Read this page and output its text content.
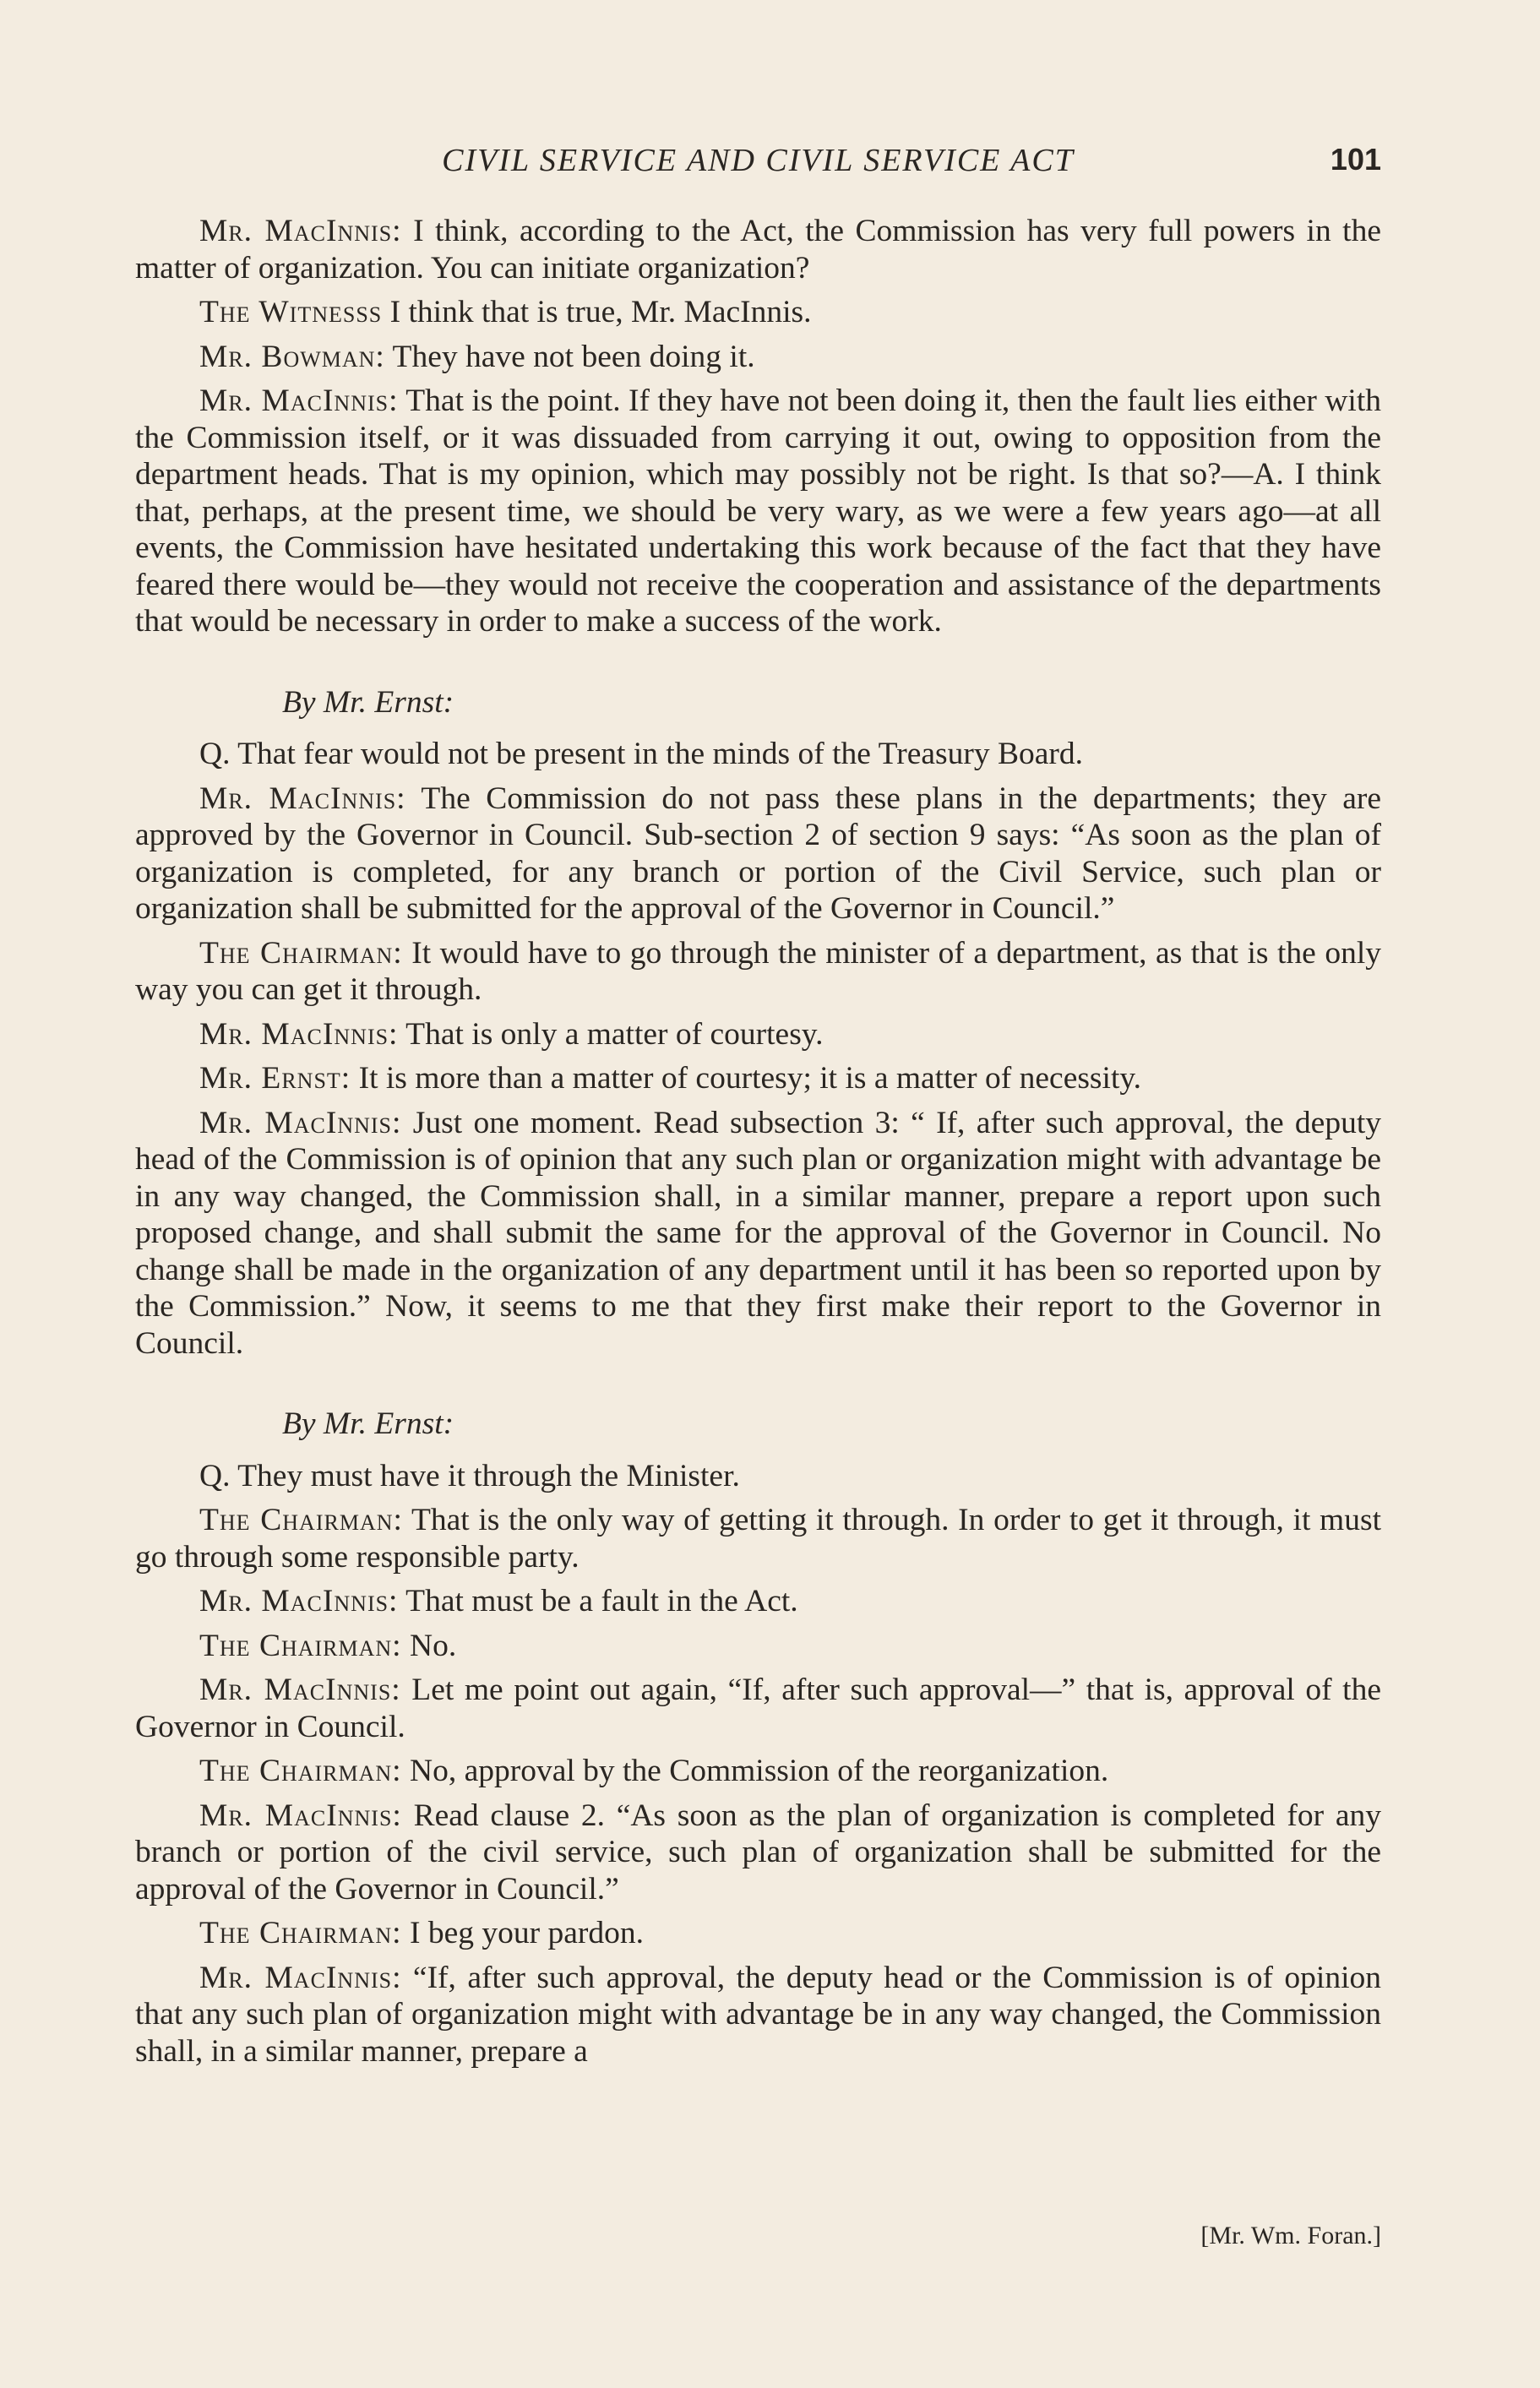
CIVIL SERVICE AND CIVIL SERVICE ACT	101

Mr. MacInnis: I think, according to the Act, the Commission has very full powers in the matter of organization. You can initiate organization?

The Witnesss I think that is true, Mr. MacInnis.

Mr. Bowman: They have not been doing it.

Mr. MacInnis: That is the point. If they have not been doing it, then the fault lies either with the Commission itself, or it was dissuaded from carrying it out, owing to opposition from the department heads. That is my opinion, which may possibly not be right. Is that so?—A. I think that, perhaps, at the present time, we should be very wary, as we were a few years ago—at all events, the Commission have hesitated undertaking this work because of the fact that they have feared there would be—they would not receive the cooperation and assistance of the departments that would be necessary in order to make a success of the work.

By Mr. Ernst:

Q. That fear would not be present in the minds of the Treasury Board.

Mr. MacInnis: The Commission do not pass these plans in the departments; they are approved by the Governor in Council. Sub-section 2 of section 9 says: “As soon as the plan of organization is completed, for any branch or portion of the Civil Service, such plan or organization shall be submitted for the approval of the Governor in Council.”

The Chairman: It would have to go through the minister of a department, as that is the only way you can get it through.

Mr. MacInnis: That is only a matter of courtesy.

Mr. Ernst: It is more than a matter of courtesy; it is a matter of necessity.

Mr. MacInnis: Just one moment. Read subsection 3: “ If, after such approval, the deputy head of the Commission is of opinion that any such plan or organization might with advantage be in any way changed, the Commission shall, in a similar manner, prepare a report upon such proposed change, and shall submit the same for the approval of the Governor in Council. No change shall be made in the organization of any department until it has been so reported upon by the Commission.” Now, it seems to me that they first make their report to the Governor in Council.

By Mr. Ernst:

Q. They must have it through the Minister.

The Chairman: That is the only way of getting it through. In order to get it through, it must go through some responsible party.

Mr. MacInnis: That must be a fault in the Act.

The Chairman: No.

Mr. MacInnis: Let me point out again, “If, after such approval—” that is, approval of the Governor in Council.

The Chairman: No, approval by the Commission of the reorganization.

Mr. MacInnis: Read clause 2. “As soon as the plan of organization is completed for any branch or portion of the civil service, such plan of organization shall be submitted for the approval of the Governor in Council.”

The Chairman: I beg your pardon.

Mr. MacInnis: “If, after such approval, the deputy head or the Commission is of opinion that any such plan of organization might with advantage be in any way changed, the Commission shall, in a similar manner, prepare a

[Mr. Wm. Foran.]
